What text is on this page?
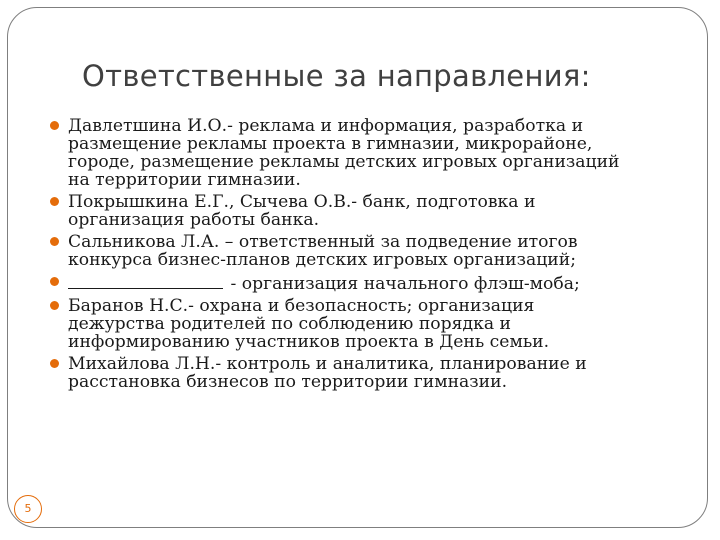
Ответственные за направления:
Давлетшина И.О.- реклама и информация, разработка и
размещение рекламы проекта в гимназии, микрорайоне,
городе, размещение рекламы детских игровых организаций
на территории гимназии.
Покрышкина Е.Г., Сычева О.В.- банк, подготовка и
организация работы банка.
Сальникова Л.А. – ответственный за подведение итогов
конкурса бизнес-планов детских игровых организаций;
- организация начального флэш-моба;
Баранов Н.С.- охрана и безопасность; организация
дежурства родителей по соблюдению порядка и
информированию участников проекта в День семьи.
Михайлова Л.Н.- контроль и аналитика, планирование и
расстановка бизнесов по территории гимназии.
5
